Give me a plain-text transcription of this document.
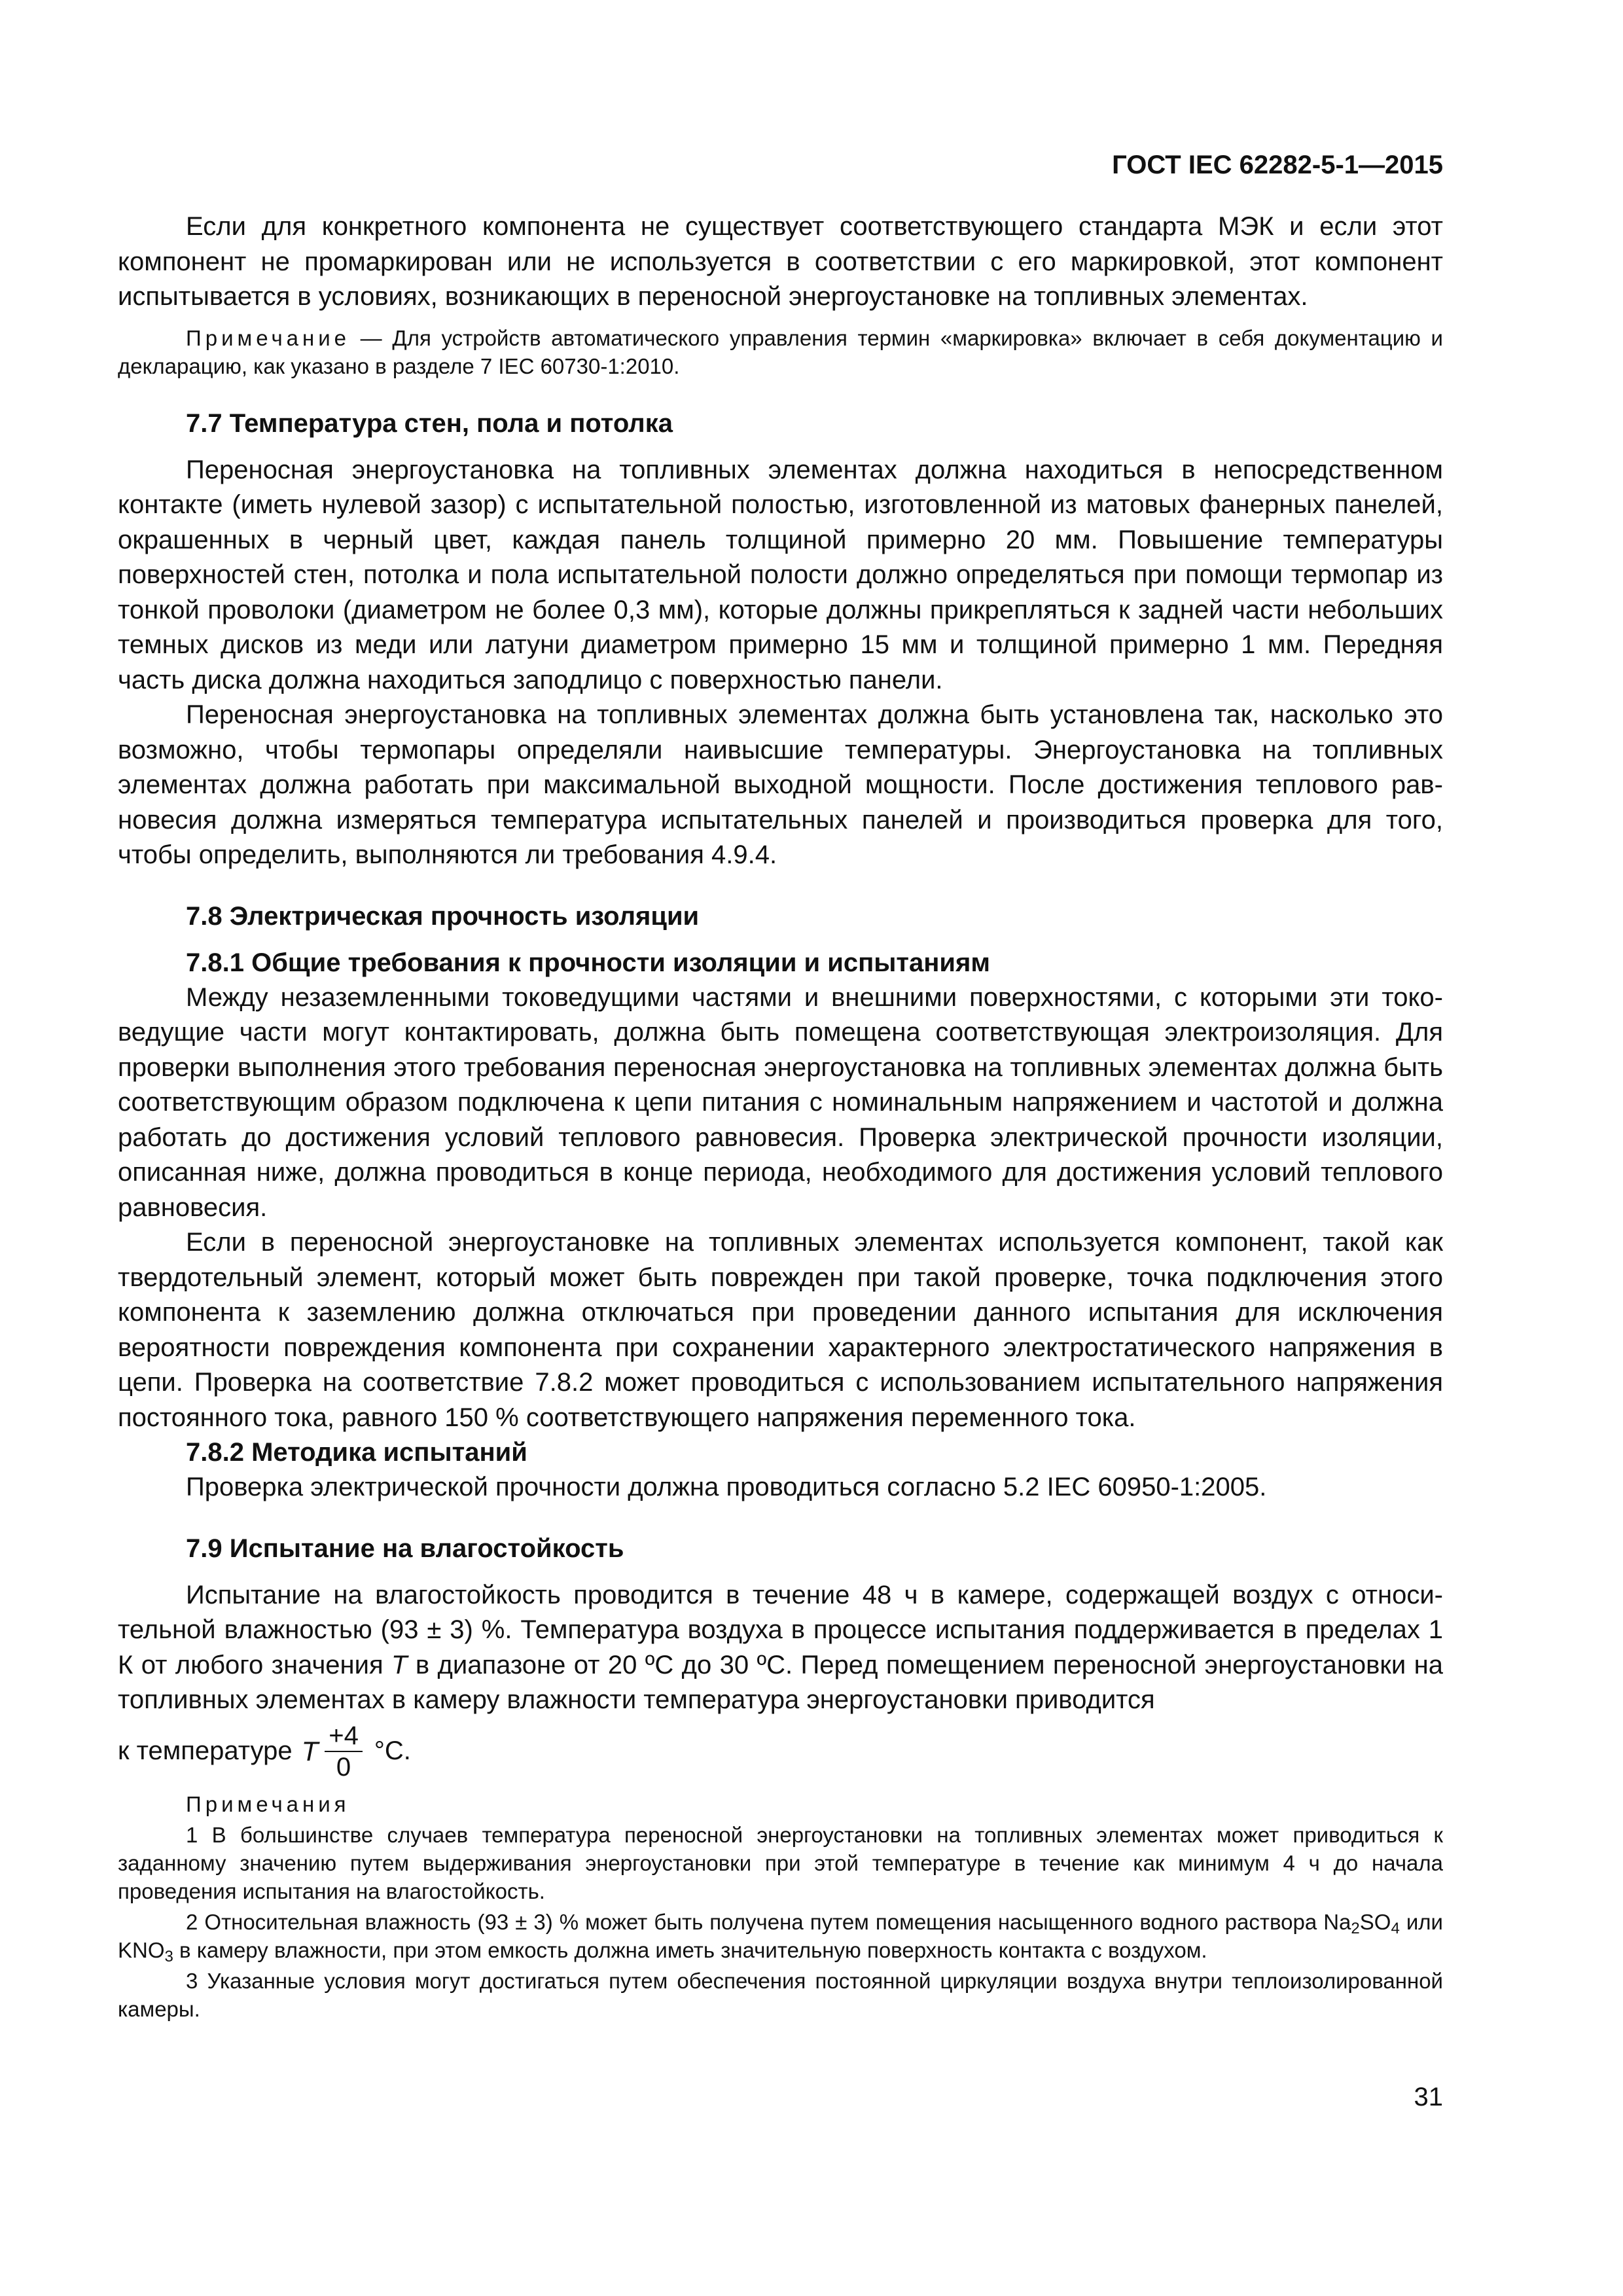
ГОСТ IEC 62282-5-1—2015

Если для конкретного компонента не существует соответствующего стандарта МЭК и если этот компонент не промаркирован или не используется в соответствии с его маркировкой, этот компонент испытывается в условиях, возникающих в переносной энергоустановке на топливных элементах.

Примечание — Для устройств автоматического управления термин «маркировка» включает в себя документацию и декларацию, как указано в разделе 7 IEC 60730-1:2010.

7.7 Температура стен, пола и потолка

Переносная энергоустановка на топливных элементах должна находиться в непосредственном контакте (иметь нулевой зазор) с испытательной полостью, изготовленной из матовых фанерных панелей, окрашенных в черный цвет, каждая панель толщиной примерно 20 мм. Повышение температуры поверхностей стен, потолка и пола испытательной полости должно определяться при помощи термопар из тонкой проволоки (диаметром не более 0,3 мм), которые должны прикрепляться к задней части небольших темных дисков из меди или латуни диаметром примерно 15 мм и толщиной примерно 1 мм. Передняя часть диска должна находиться заподлицо с поверхностью панели.

Переносная энергоустановка на топливных элементах должна быть установлена так, насколько это возможно, чтобы термопары определяли наивысшие температуры. Энергоустановка на топливных элементах должна работать при максимальной выходной мощности. После достижения теплового равновесия должна измеряться температура испытательных панелей и производиться проверка для того, чтобы определить, выполняются ли требования 4.9.4.

7.8 Электрическая прочность изоляции
7.8.1 Общие требования к прочности изоляции и испытаниям

Между незаземленными токоведущими частями и внешними поверхностями, с которыми эти токоведущие части могут контактировать, должна быть помещена соответствующая электроизоляция. Для проверки выполнения этого требования переносная энергоустановка на топливных элементах должна быть соответствующим образом подключена к цепи питания с номинальным напряжением и частотой и должна работать до достижения условий теплового равновесия. Проверка электрической прочности изоляции, описанная ниже, должна проводиться в конце периода, необходимого для достижения условий теплового равновесия.

Если в переносной энергоустановке на топливных элементах используется компонент, такой как твердотельный элемент, который может быть поврежден при такой проверке, точка подключения этого компонента к заземлению должна отключаться при проведении данного испытания для исключения вероятности повреждения компонента при сохранении характерного электростатического напряжения в цепи. Проверка на соответствие 7.8.2 может проводиться с использованием испытательного напряжения постоянного тока, равного 150 % соответствующего напряжения переменного тока.

7.8.2 Методика испытаний

Проверка электрической прочности должна проводиться согласно 5.2 IEC 60950-1:2005.

7.9 Испытание на влагостойкость

Испытание на влагостойкость проводится в течение 48 ч в камере, содержащей воздух с относительной влажностью (93 ± 3) %. Температура воздуха в процессе испытания поддерживается в пределах 1 К от любого значения T в диапазоне от 20 ºС до 30 ºС. Перед помещением переносной энергоустановки на топливных элементах в камеру влажности температура энергоустановки приводится

к температуре T $\frac{+4}{0} ^\circ С$.
Примечания

1 В большинстве случаев температура переносной энергоустановки на топливных элементах может приводиться к заданному значению путем выдерживания энергоустановки при этой температуре в течение как минимум 4 ч до начала проведения испытания на влагостойкость.

2 Относительная влажность (93 ± 3) % может быть получена путем помещения насыщенного водного раствора $Na_2SO_4$ или $KNO_3$ в камеру влажности, при этом емкость должна иметь значительную поверхность контакта с воздухом.

3 Указанные условия могут достигаться путем обеспечения постоянной циркуляции воздуха внутри теплоизолированной камеры.

31
